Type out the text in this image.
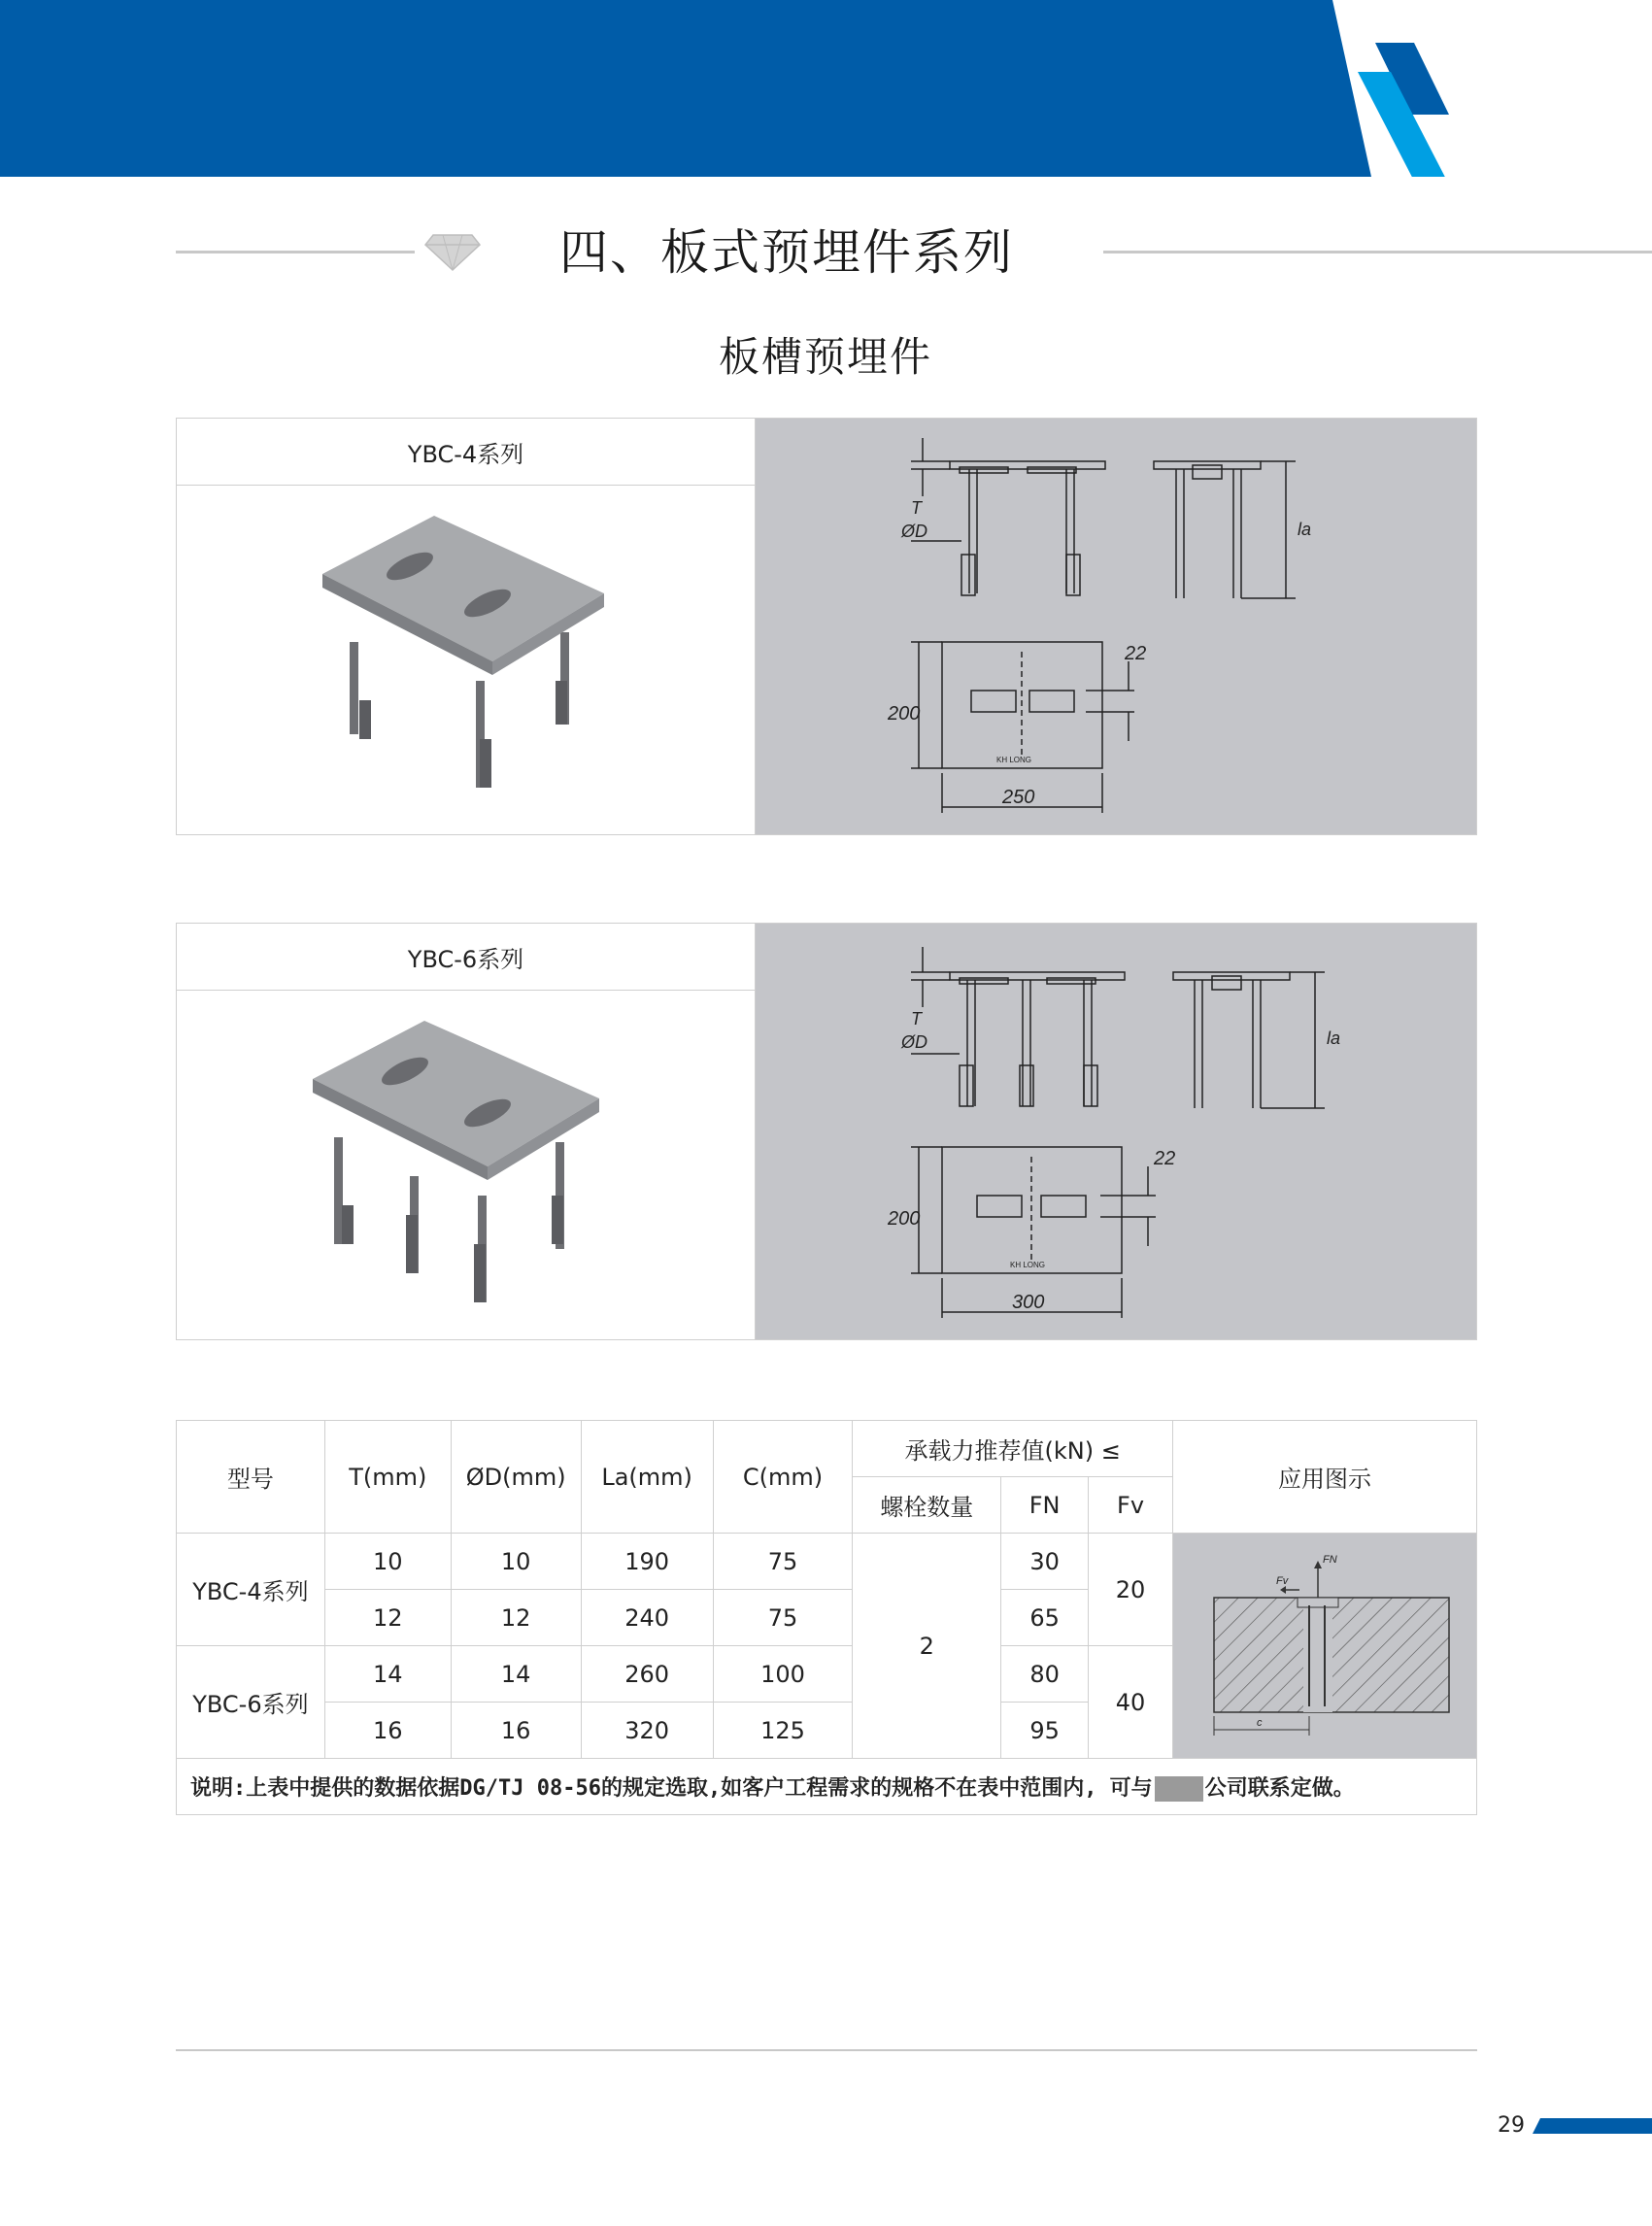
四、板式预埋件系列
板槽预埋件
YBC-4系列
T
ØD	la
200
250
22
KH LONG
YBC-6系列
T
ØD	la
200
300
22
KH LONG
型号	T(mm)	ØD(mm)	La(mm)	C(mm)	承载力推荐值(kN) ≤			应用图示
					螺栓数量	FN	Fv	
YBC-4系列	10	10	190	75	2	30	20	Fv
FN
c

	12	12	240	75		65		
YBC-6系列	14	14	260	100		80	40	
	16	16	320	125		95		
说明:上表中提供的数据依据DG/TJ 08-56的规定选取,如客户工程需求的规格不在表中范围内, 可与 公司联系定做。								
29
